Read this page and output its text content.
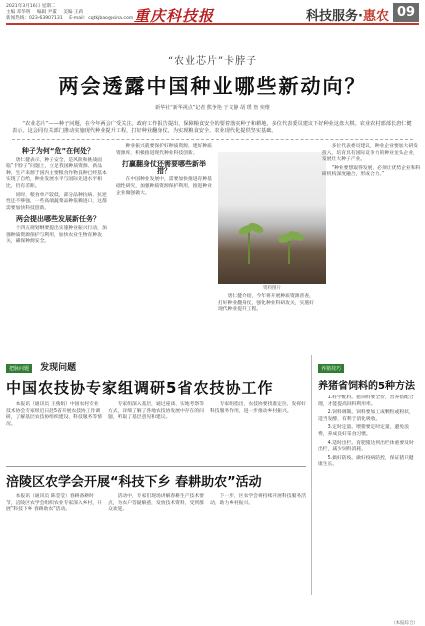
2021年3月16日 星期二
主编 邓华明 编辑 尹董 美编 王莉
新闻热线：023-63907131 E-mail：cqtkjbao@sina.com 重庆科技报	科技服务·惠农 09
“农业芯片”卡脖子
两会透露中国种业哪些新动向？
新华社“新华视点”记者 熊争艳 于文静 胡 璞 詹 奕维
“农业芯片”——种子问题，在今年两会广受关注。政府工作报告提出，保障粮食安全的要着落实种子和耕地，多位代表委员建议下好种业这盘大棋。农业农村部部长唐仁健表示，这会同有关部门推动实施现代种业提升工程，打好种业翻身仗，为实现粮食安全、农业现代化提供坚实基础。
种子为何“危”在何处？

唐仁健表示，种子安全，是风险和挑战面临“卡脖子”问题上，立足我国种质资源、新品种，生产来源于国内主要粮食作物良种已经基本实现了自给，种业发展水平与国际先进水平相比，仍有差距。

同时，粮食单产较低，部分品种抗病、抗逆性还不够强，一些高端蔬菜品种依赖进口，这都需要加快科技创新。

两会提出哪些发展新任务？

十四五规划纲要提出实施种业振兴行动，加强种质资源保护与利用，加快农业生物育种攻关，确保种源安全。

种业振兴就要保护好种质资源，建好种质资源库，积极推进现代种业科技创新。

打赢翻身仗还需要哪些新举措？

在中国种业发展中，需要加快推进育种基础性研究，加强种质资源保护利用，推进种业企业做强做大。

资料图片

唐仁健介绍，今年将开展种质资源普查，打好种业翻身仗，强化种业科研攻关，实施好现代种业提升工程。

多位代表委员建议，种业企业要加大研发投入，培育具有国际竞争力的种业龙头企业，发展壮大种子产业。

“种业要想取得发展，必须让优势企业和科研机构深度融合，形成合力。”

把脉问题 发现问题
中国农技协专家组调研5省农技协工作

本报讯（通讯员 王燕娟）中国农村专业技术协会专家组近日赴5省开展农技协工作调研，了解基层农技协组织建设、科技服务等情况。

专家组深入基层，通过座谈、实地考察等方式，详细了解了各地农技协发展中存在的问题，听取了基层意见和建议。

专家组指出，农技协要找准定位，发挥好科技服务作用，进一步推动乡村振兴。

涪陵区农学会开展“科技下乡 春耕助农”活动

本报讯（通讯员 陈莹莹）春耕备耕时节，涪陵区农学会组织农业专家深入乡村，开展“科技下乡 春耕助农”活动。

活动中，专家们现场讲解春耕生产技术要点，为农户答疑解惑，发放技术资料，受到群众欢迎。

下一步，区农学会将持续开展科技服务活动，助力乡村振兴。

养猪技巧
养猪省饲料的5种方法

1.科学配料。猪饲料要全价，营养搭配合理，才能提高饲料利用率。

2.饲料调制。饲料要加工成颗粒或粉状，适当发酵，有利于消化吸收。

3.定时定量。喂猪要定时定量，避免浪费，养成良好采食习惯。

4.适时出栏。育肥猪达到出栏体重要及时出栏，减少饲料消耗。

5.搞好防疫。做好疫病防控，保证猪只健康生长。

（本报综合）
